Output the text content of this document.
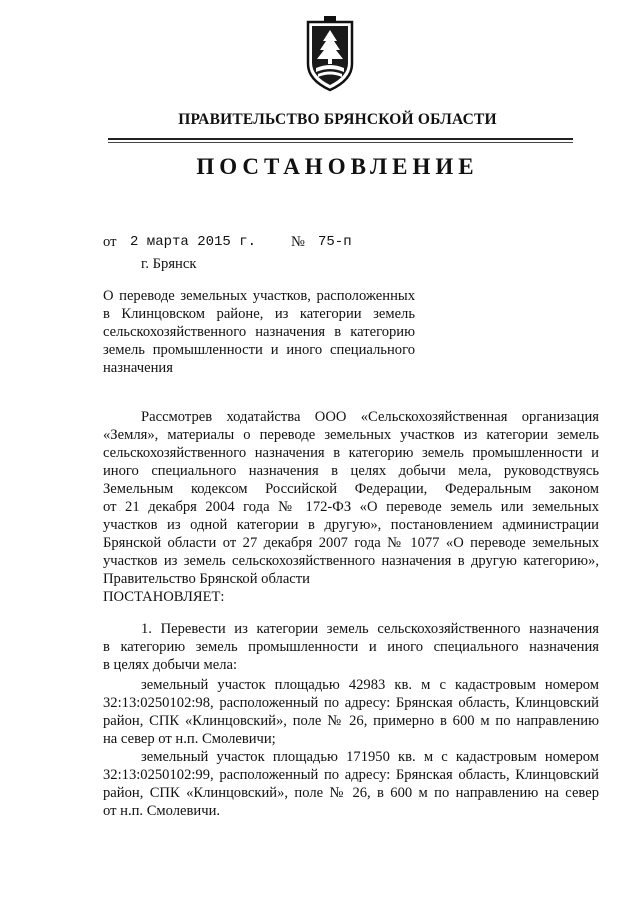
ПРАВИТЕЛЬСТВО БРЯНСКОЙ ОБЛАСТИ
ПОСТАНОВЛЕНИЕ
от 2 марта 2015 г. № 75-п
г. Брянск
О переводе земельных участков, расположенных
в Клинцовском районе, из категории земель
сельскохозяйственного назначения в категорию
земель промышленности и иного специального
назначения
Рассмотрев ходатайства ООО «Сельскохозяйственная организация
«Земля», материалы о переводе земельных участков из категории земель
сельскохозяйственного назначения в категорию земель промышленности и
иного специального назначения в целях добычи мела, руководствуясь
Земельным кодексом Российской Федерации, Федеральным законом
от 21 декабря 2004 года № 172-ФЗ «О переводе земель или земельных
участков из одной категории в другую», постановлением администрации
Брянской области от 27 декабря 2007 года № 1077 «О переводе земельных
участков из земель сельскохозяйственного назначения в другую категорию»,
Правительство Брянской области
ПОСТАНОВЛЯЕТ:
1. Перевести из категории земель сельскохозяйственного назначения
в категорию земель промышленности и иного специального назначения
в целях добычи мела:
земельный участок площадью 42983 кв. м с кадастровым номером
32:13:0250102:98, расположенный по адресу: Брянская область, Клинцовский
район, СПК «Клинцовский», поле № 26, примерно в 600 м по направлению
на север от н.п. Смолевичи;
земельный участок площадью 171950 кв. м с кадастровым номером
32:13:0250102:99, расположенный по адресу: Брянская область, Клинцовский
район, СПК «Клинцовский», поле № 26, в 600 м по направлению на север
от н.п. Смолевичи.
